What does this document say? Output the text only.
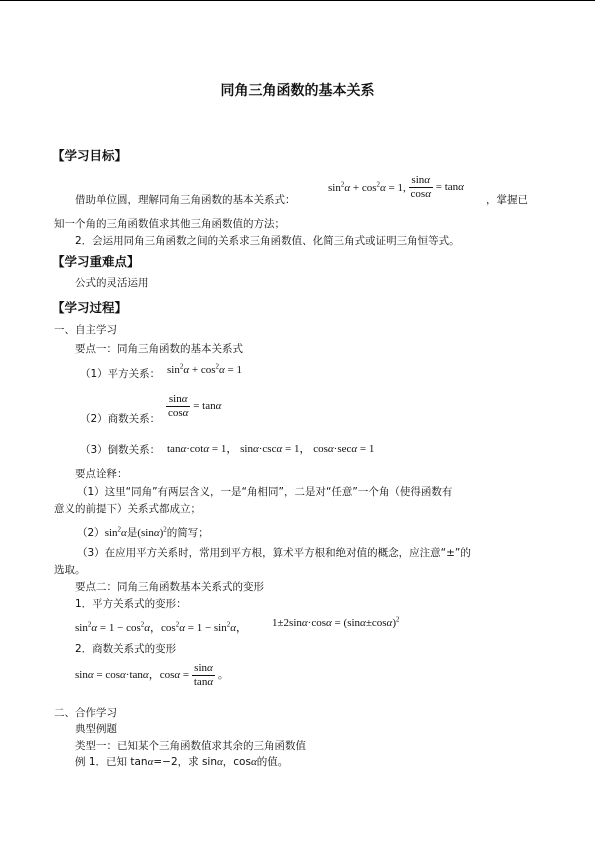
同角三角函数的基本关系
【学习目标】
借助单位圆，理解同角三角函数的基本关系式：
$\sin^2\alpha + \cos^2\alpha = 1$, $\frac{\sin\alpha}{\cos\alpha} = \tan\alpha$
，掌握已
知一个角的三角函数值求其他三角函数值的方法；
2．会运用同角三角函数之间的关系求三角函数值、化简三角式或证明三角恒等式。
【学习重难点】
公式的灵活运用
【学习过程】
一、自主学习
要点一：同角三角函数的基本关系式
（1）平方关系： $\sin^2\alpha + \cos^2\alpha = 1$
（2）商数关系： $\frac{\sin\alpha}{\cos\alpha} = \tan\alpha$
（3）倒数关系： tanα·cotα = 1， sinα·cscα = 1， cosα·secα = 1
要点诠释：
（1）这里“同角”有两层含义，一是“角相同”，二是对“任意”一个角（使得函数有
意义的前提下）关系式都成立；
$(2)\sin^2\alpha$是$(\sin\alpha)^2$的简写；
（3）在应用平方关系时，常用到平方根，算术平方根和绝对值的概念，应注意“±”的
选取。
要点二：同角三角函数基本关系式的变形
1．平方关系式的变形：
$\sin^2\alpha = 1 - \cos^2\alpha$，$\cos^2\alpha = 1 - \sin^2\alpha$， $1\pm 2\sin\alpha\cdot\cos\alpha = (\sin\alpha\pm\cos\alpha)^2$
2．商数关系式的变形
sinα = cosα·tanα，$\cos\alpha = \frac{\sin\alpha}{\tan\alpha}$ 。
二、合作学习
典型例题
类型一：已知某个三角函数值求其余的三角函数值
例 1．已知 tanα=−2，求 sinα，cosα的值。
